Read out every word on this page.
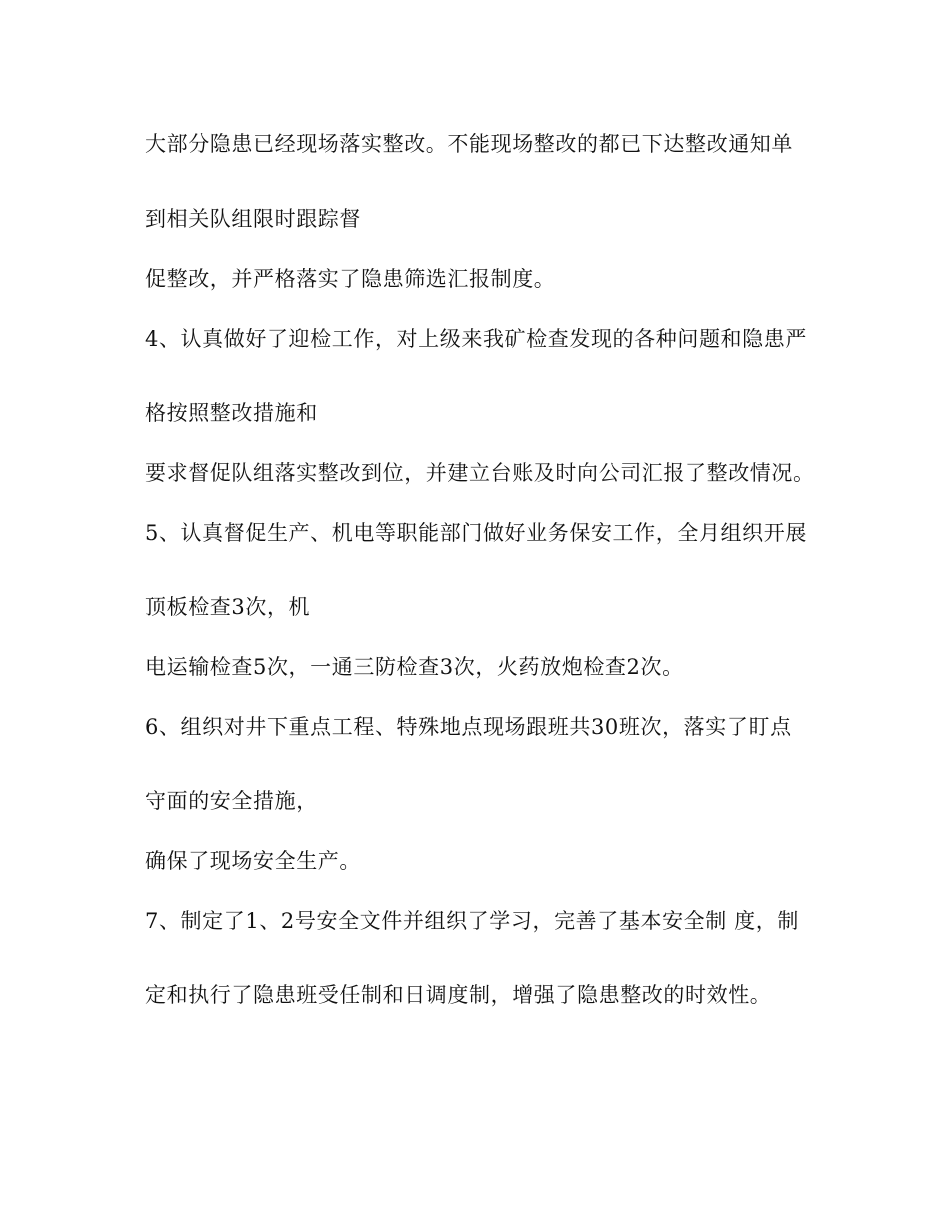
大部分隐患已经现场落实整改。不能现场整改的都已下达整改通知单
到相关队组限时跟踪督
促整改，并严格落实了隐患筛选汇报制度。
4、认真做好了迎检工作，对上级来我矿检查发现的各种问题和隐患严
格按照整改措施和
要求督促队组落实整改到位，并建立台账及时向公司汇报了整改情况。
5、认真督促生产、机电等职能部门做好业务保安工作，全月组织开展
顶板检查3次，机
电运输检查5次，一通三防检查3次，火药放炮检查2次。
6、组织对井下重点工程、特殊地点现场跟班共30班次，落实了盯点
守面的安全措施，
确保了现场安全生产。
7、制定了1、2号安全文件并组织了学习，完善了基本安全制 度，制
定和执行了隐患班受任制和日调度制，增强了隐患整改的时效性。
